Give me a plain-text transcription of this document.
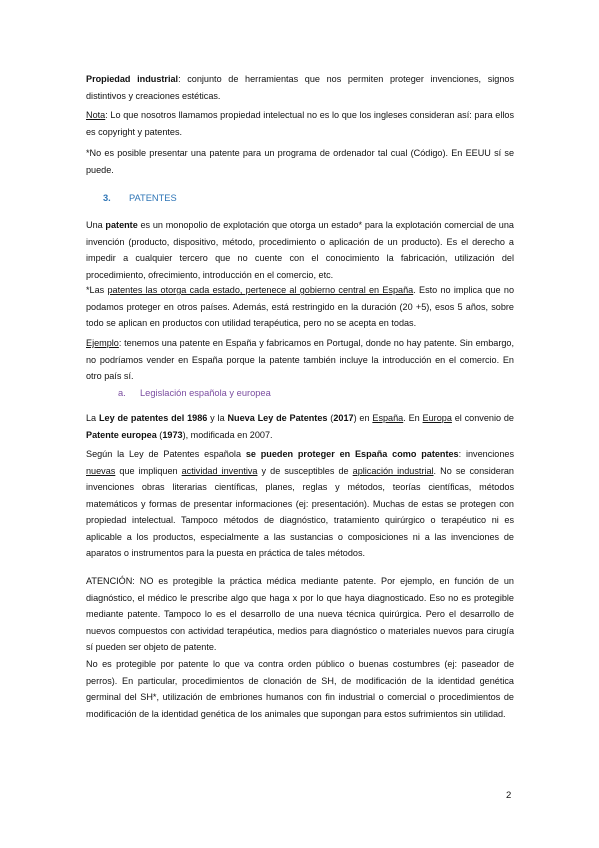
Propiedad industrial: conjunto de herramientas que nos permiten proteger invenciones, signos distintivos y creaciones estéticas.

Nota: Lo que nosotros llamamos propiedad intelectual no es lo que los ingleses consideran así: para ellos es copyright y patentes.

*No es posible presentar una patente para un programa de ordenador tal cual (Código). En EEUU sí se puede.

3. PATENTES

Una patente es un monopolio de explotación que otorga un estado* para la explotación comercial de una invención (producto, dispositivo, método, procedimiento o aplicación de un producto). Es el derecho a impedir a cualquier tercero que no cuente con el conocimiento la fabricación, utilización del procedimiento, ofrecimiento, introducción en el comercio, etc.

*Las patentes las otorga cada estado, pertenece al gobierno central en España. Esto no implica que no podamos proteger en otros países. Además, está restringido en la duración (20 +5), esos 5 años, sobre todo se aplican en productos con utilidad terapéutica, pero no se acepta en todas.

Ejemplo: tenemos una patente en España y fabricamos en Portugal, donde no hay patente. Sin embargo, no podríamos vender en España porque la patente también incluye la introducción en el comercio. En otro país sí.

a. Legislación española y europea

La Ley de patentes del 1986 y la Nueva Ley de Patentes (2017) en España. En Europa el convenio de Patente europea (1973), modificada en 2007.

Según la Ley de Patentes española se pueden proteger en España como patentes: invenciones nuevas que impliquen actividad inventiva y de susceptibles de aplicación industrial. No se consideran invenciones obras literarias científicas, planes, reglas y métodos, teorías científicas, métodos matemáticos y formas de presentar informaciones (ej: presentación). Muchas de estas se protegen con propiedad intelectual. Tampoco métodos de diagnóstico, tratamiento quirúrgico o terapéutico ni es aplicable a los productos, especialmente a las sustancias o composiciones ni a las invenciones de aparatos o instrumentos para la puesta en práctica de tales métodos.

ATENCIÓN: NO es protegible la práctica médica mediante patente. Por ejemplo, en función de un diagnóstico, el médico le prescribe algo que haga x por lo que haya diagnosticado. Eso no es protegible mediante patente. Tampoco lo es el desarrollo de una nueva técnica quirúrgica. Pero el desarrollo de nuevos compuestos con actividad terapéutica, medios para diagnóstico o materiales nuevos para cirugía sí pueden ser objeto de patente.

No es protegible por patente lo que va contra orden público o buenas costumbres (ej: paseador de perros). En particular, procedimientos de clonación de SH, de modificación de la identidad genética germinal del SH*, utilización de embriones humanos con fin industrial o comercial o procedimientos de modificación de la identidad genética de los animales que supongan para estos sufrimientos sin utilidad.

2
